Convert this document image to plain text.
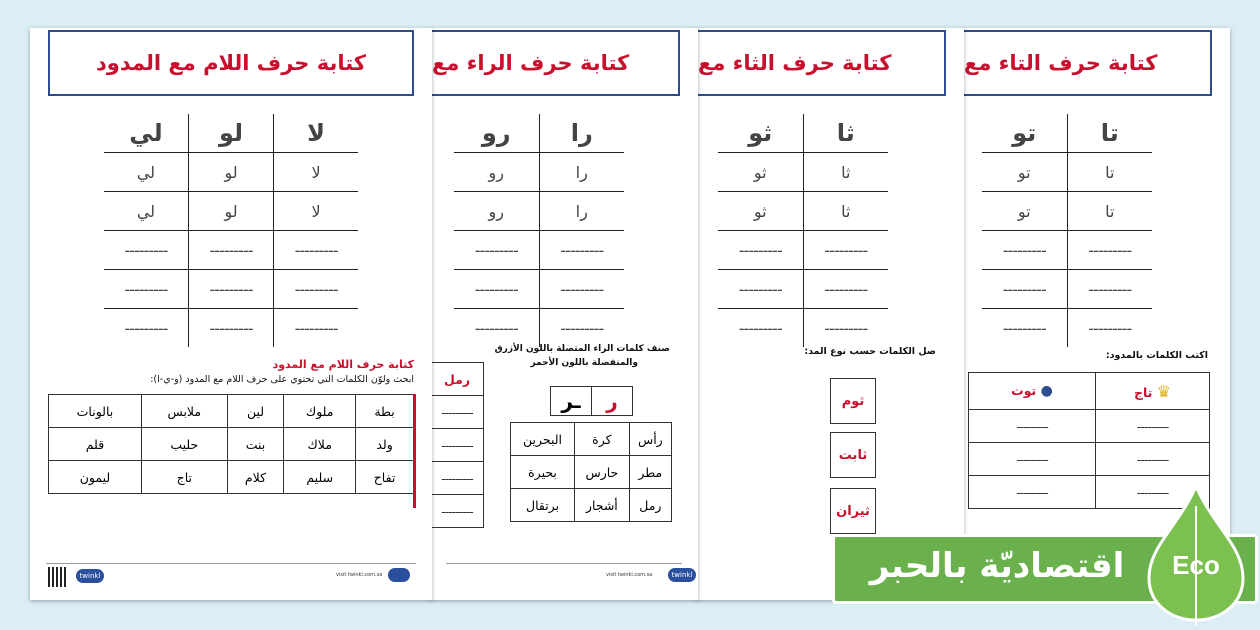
كتابة حرف التاء مع
تا	تو
تا	تو
تا	تو
---------	---------
---------	---------
---------	---------
اكتب الكلمات بالمدود:
♛ تاج	● توت
---------	---------
---------	---------
---------	---------
كتابة حرف الثاء مع
ثا	ثو
ثا	ثو
ثا	ثو
---------	---------
---------	---------
---------	---------
صل الكلمات حسب نوع المد:
ثوم
ثابت
ثيران
كتابة حرف الراء مع
را	رو
را	رو
را	رو
---------	---------
---------	---------
---------	---------
صنف كلمات الراء المتصلة باللون الأزرق
والمنفصلة باللون الأحمر
ر	ـر
رأس	كرة	البحرين
مطر	حارس	بحيرة
رمل	أشجار	برتقال
رمل
---------
---------
---------
---------
visit twinkl.com.sa	twinkl
كتابة حرف اللام مع المدود
لا	لو	لي
لا	لو	لي
لا	لو	لي
---------	---------	---------
---------	---------	---------
---------	---------	---------
كتابة حرف اللام مع المدود
ابحث ولوّن الكلمات التي تحتوي على حرف اللام مع المدود (و-ي-ا):
بطة	ملوك	لين	ملابس	بالونات
ولد	ملاك	بنت	حليب	قلم
تفاح	سليم	كلام	تاج	ليمون
twinkl	visit twinkl.com.sa	اقتصاديّة بالحبر	Eco
